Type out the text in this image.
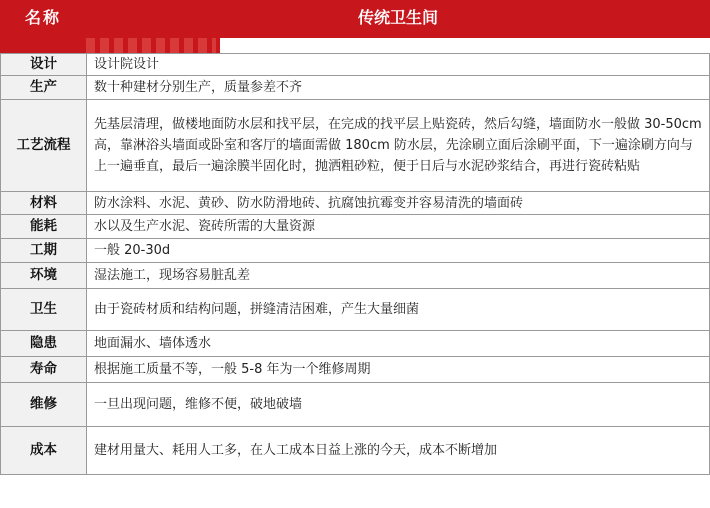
名称	传统卫生间
设计	设计院设计
生产	数十种建材分别生产，质量参差不齐
工艺流程	先基层清理，做楼地面防水层和找平层，在完成的找平层上贴瓷砖，然后勾缝，墙面防水一般做 30-50cm 高，靠淋浴头墙面或卧室和客厅的墙面需做 180cm 防水层，先涂刷立面后涂刷平面，下一遍涂刷方向与上一遍垂直，最后一遍涂膜半固化时，抛洒粗砂粒，便于日后与水泥砂浆结合，再进行瓷砖粘贴
材料	防水涂料、水泥、黄砂、防水防滑地砖、抗腐蚀抗霉变并容易清洗的墙面砖
能耗	水以及生产水泥、瓷砖所需的大量资源
工期	一般 20-30d
环境	湿法施工，现场容易脏乱差
卫生	由于瓷砖材质和结构问题，拼缝清洁困难，产生大量细菌
隐患	地面漏水、墙体透水
寿命	根据施工质量不等，一般 5-8 年为一个维修周期
维修	一旦出现问题，维修不便，破地破墙
成本	建材用量大、耗用人工多，在人工成本日益上涨的今天，成本不断增加
